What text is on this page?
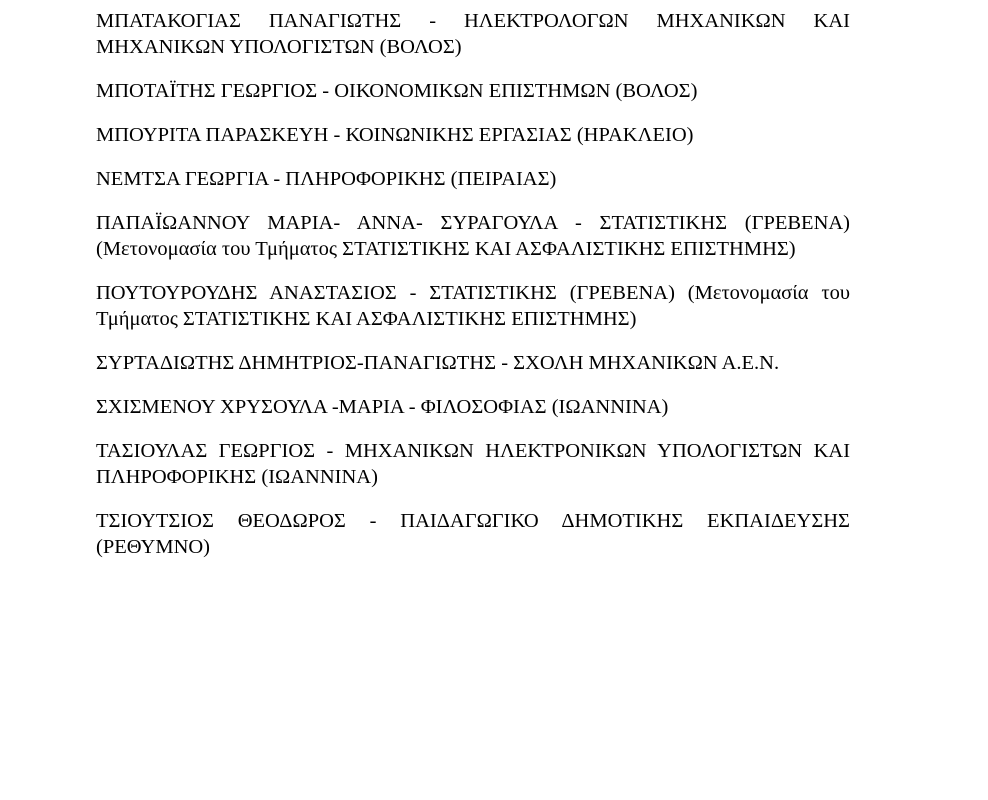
ΜΠΑΤΑΚΟΓΙΑΣ ΠΑΝΑΓΙΩΤΗΣ - ΗΛΕΚΤΡΟΛΟΓΩΝ ΜΗΧΑΝΙΚΩΝ ΚΑΙ ΜΗΧΑΝΙΚΩΝ ΥΠΟΛΟΓΙΣΤΩΝ (ΒΟΛΟΣ)

ΜΠΟΤΑΪΤΗΣ ΓΕΩΡΓΙΟΣ - ΟΙΚΟΝΟΜΙΚΩΝ ΕΠΙΣΤΗΜΩΝ (ΒΟΛΟΣ)

ΜΠΟΥΡΙΤΑ ΠΑΡΑΣΚΕΥΗ - ΚΟΙΝΩΝΙΚΗΣ ΕΡΓΑΣΙΑΣ (ΗΡΑΚΛΕΙΟ)

ΝΕΜΤΣΑ ΓΕΩΡΓΙΑ - ΠΛΗΡΟΦΟΡΙΚΗΣ (ΠΕΙΡΑΙΑΣ)

ΠΑΠΑΪΩΑΝΝΟΥ ΜΑΡΙΑ- ΑΝΝΑ- ΣΥΡΑΓΟΥΛΑ - ΣΤΑΤΙΣΤΙΚΗΣ (ΓΡΕΒΕΝΑ) (Μετονομασία του Τμήματος ΣΤΑΤΙΣΤΙΚΗΣ ΚΑΙ ΑΣΦΑΛΙΣΤΙΚΗΣ ΕΠΙΣΤΗΜΗΣ)

ΠΟΥΤΟΥΡΟΥΔΗΣ ΑΝΑΣΤΑΣΙΟΣ - ΣΤΑΤΙΣΤΙΚΗΣ (ΓΡΕΒΕΝΑ) (Μετονομασία του Τμήματος ΣΤΑΤΙΣΤΙΚΗΣ ΚΑΙ ΑΣΦΑΛΙΣΤΙΚΗΣ ΕΠΙΣΤΗΜΗΣ)

ΣΥΡΤΑΔΙΩΤΗΣ ΔΗΜΗΤΡΙΟΣ-ΠΑΝΑΓΙΩΤΗΣ - ΣΧΟΛΗ ΜΗΧΑΝΙΚΩΝ Α.Ε.Ν.

ΣΧΙΣΜΕΝΟΥ ΧΡΥΣΟΥΛΑ -ΜΑΡΙΑ - ΦΙΛΟΣΟΦΙΑΣ (ΙΩΑΝΝΙΝΑ)

ΤΑΣΙΟΥΛΑΣ ΓΕΩΡΓΙΟΣ - ΜΗΧΑΝΙΚΩΝ ΗΛΕΚΤΡΟΝΙΚΩΝ ΥΠΟΛΟΓΙΣΤΩΝ ΚΑΙ ΠΛΗΡΟΦΟΡΙΚΗΣ (ΙΩΑΝΝΙΝΑ)

ΤΣΙΟΥΤΣΙΟΣ ΘΕΟΔΩΡΟΣ - ΠΑΙΔΑΓΩΓΙΚΟ ΔΗΜΟΤΙΚΗΣ ΕΚΠΑΙΔΕΥΣΗΣ (ΡΕΘΥΜΝΟ)
